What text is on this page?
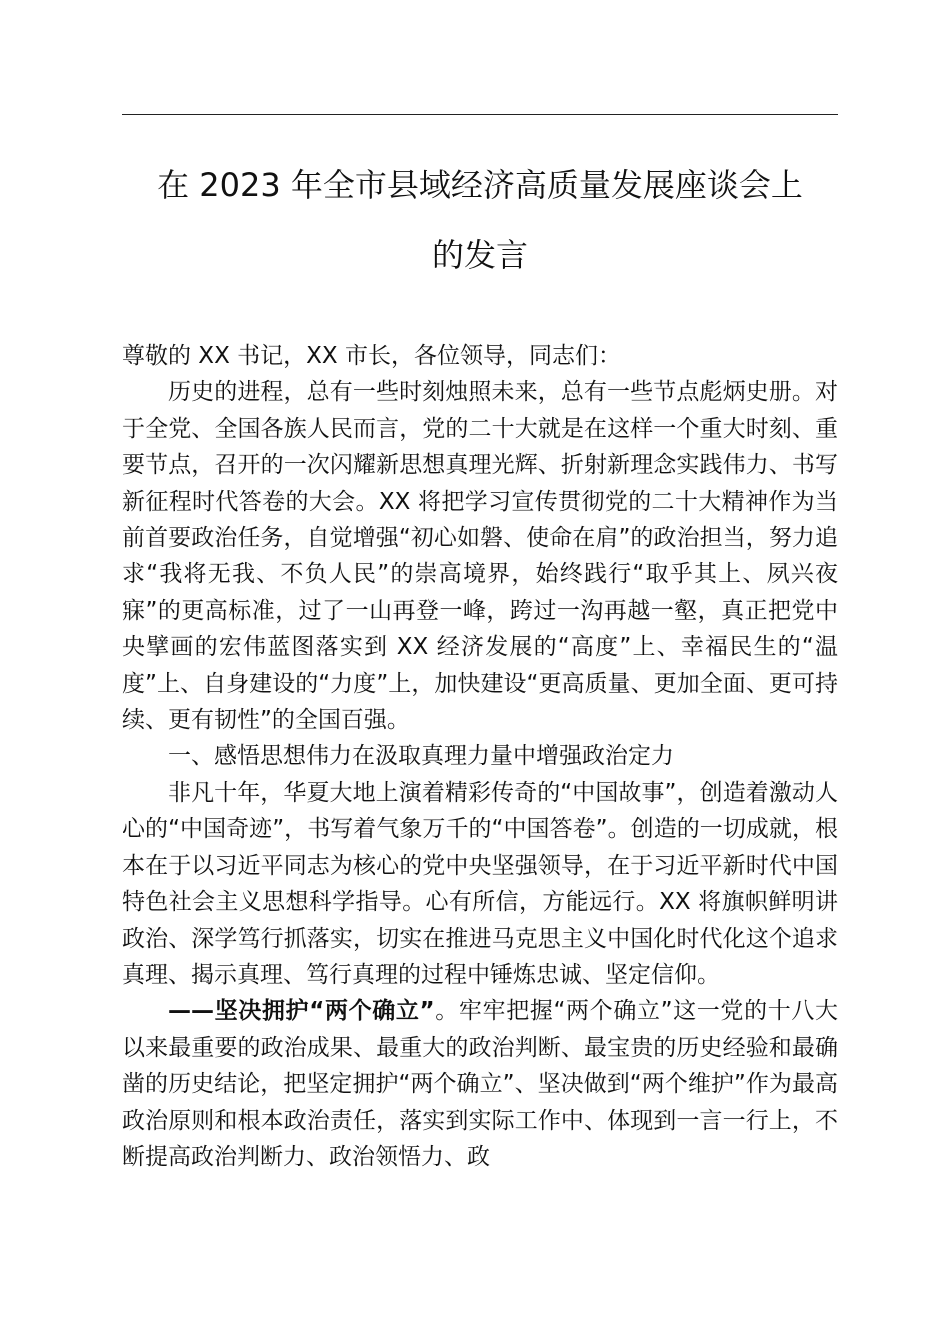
在 2023 年全市县域经济高质量发展座谈会上
的发言

尊敬的 XX 书记，XX 市长，各位领导，同志们：

历史的进程，总有一些时刻烛照未来，总有一些节点彪炳史册。对于全党、全国各族人民而言，党的二十大就是在这样一个重大时刻、重要节点，召开的一次闪耀新思想真理光辉、折射新理念实践伟力、书写新征程时代答卷的大会。XX 将把学习宣传贯彻党的二十大精神作为当前首要政治任务，自觉增强“初心如磐、使命在肩”的政治担当，努力追求“我将无我、不负人民”的崇高境界，始终践行“取乎其上、夙兴夜寐”的更高标准，过了一山再登一峰，跨过一沟再越一壑，真正把党中央擘画的宏伟蓝图落实到 XX 经济发展的“高度”上、幸福民生的“温度”上、自身建设的“力度”上，加快建设“更高质量、更加全面、更可持续、更有韧性”的全国百强。

一、感悟思想伟力在汲取真理力量中增强政治定力

非凡十年，华夏大地上演着精彩传奇的“中国故事”，创造着激动人心的“中国奇迹”，书写着气象万千的“中国答卷”。创造的一切成就，根本在于以习近平同志为核心的党中央坚强领导，在于习近平新时代中国特色社会主义思想科学指导。心有所信，方能远行。XX 将旗帜鲜明讲政治、深学笃行抓落实，切实在推进马克思主义中国化时代化这个追求真理、揭示真理、笃行真理的过程中锤炼忠诚、坚定信仰。

——坚决拥护“两个确立”。牢牢把握“两个确立”这一党的十八大以来最重要的政治成果、最重大的政治判断、最宝贵的历史经验和最确凿的历史结论，把坚定拥护“两个确立”、坚决做到“两个维护”作为最高政治原则和根本政治责任，落实到实际工作中、体现到一言一行上，不断提高政治判断力、政治领悟力、政
